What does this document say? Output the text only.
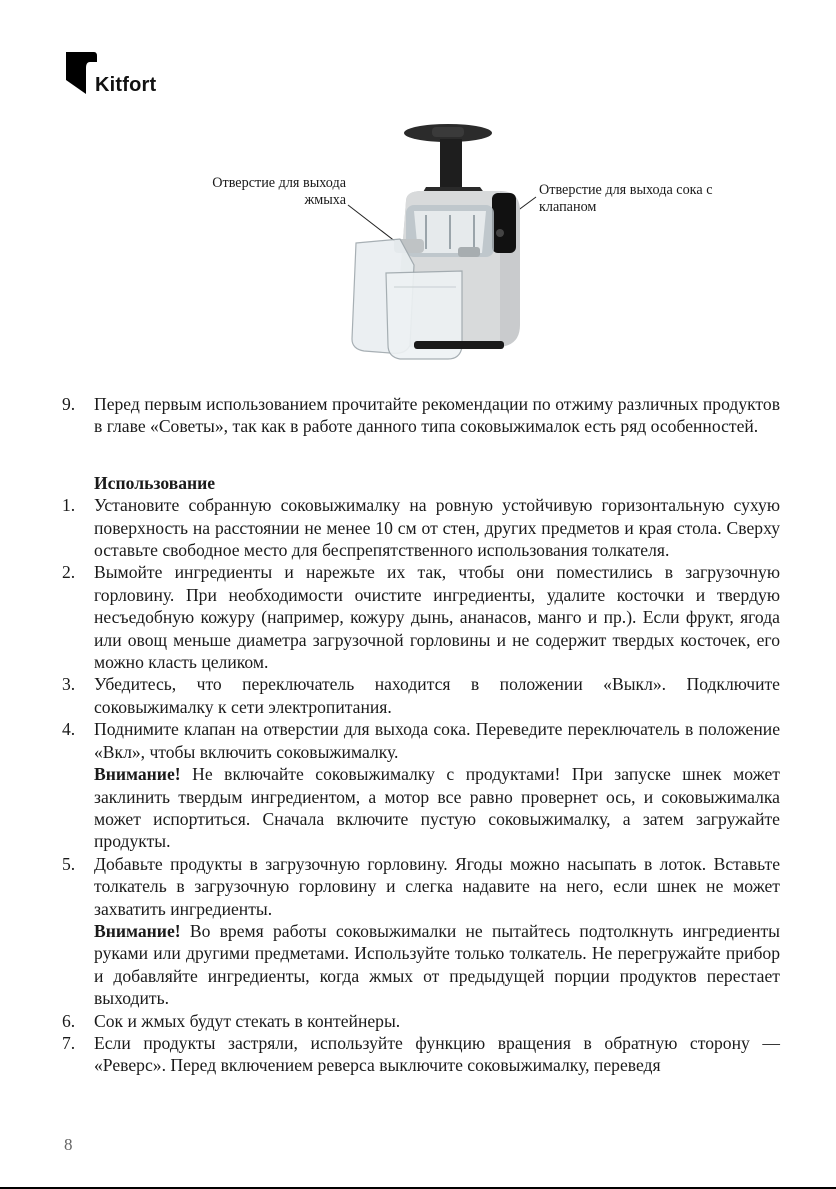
Kitfort
Отверстие для выхода жмыха
Отверстие для выхода сока с клапаном
9. Перед первым использованием прочитайте рекомендации по отжиму различных продуктов в главе «Советы», так как в работе данного типа соковыжималок есть ряд особенностей.

Использование
1. Установите собранную соковыжималку на ровную устойчивую горизонтальную сухую поверхность на расстоянии не менее 10 см от стен, других предметов и края стола. Сверху оставьте свободное место для беспрепятственного использования толкателя.

2. Вымойте ингредиенты и нарежьте их так, чтобы они поместились в загрузочную горловину. При необходимости очистите ингредиенты, удалите косточки и твердую несъедобную кожуру (например, кожуру дынь, ананасов, манго и пр.). Если фрукт, ягода или овощ меньше диаметра загрузочной горловины и не содержит твердых косточек, его можно класть целиком.

3. Убедитесь, что переключатель находится в положении «Выкл». Подключите соковыжималку к сети электропитания.

4. Поднимите клапан на отверстии для выхода сока. Переведите переключатель в положение «Вкл», чтобы включить соковыжималку.

Внимание! Не включайте соковыжималку с продуктами! При запуске шнек может заклинить твердым ингредиентом, а мотор все равно провернет ось, и соковыжималка может испортиться. Сначала включите пустую соковыжималку, а затем загружайте продукты.

5. Добавьте продукты в загрузочную горловину. Ягоды можно насыпать в лоток. Вставьте толкатель в загрузочную горловину и слегка надавите на него, если шнек не может захватить ингредиенты.

Внимание! Во время работы соковыжималки не пытайтесь подтолкнуть ингредиенты руками или другими предметами. Используйте только толкатель. Не перегружайте прибор и добавляйте ингредиенты, когда жмых от предыдущей порции продуктов перестает выходить.

6. Сок и жмых будут стекать в контейнеры.

7. Если продукты застряли, используйте функцию вращения в обратную сторону — «Реверс». Перед включением реверса выключите соковыжималку, переведя

8
